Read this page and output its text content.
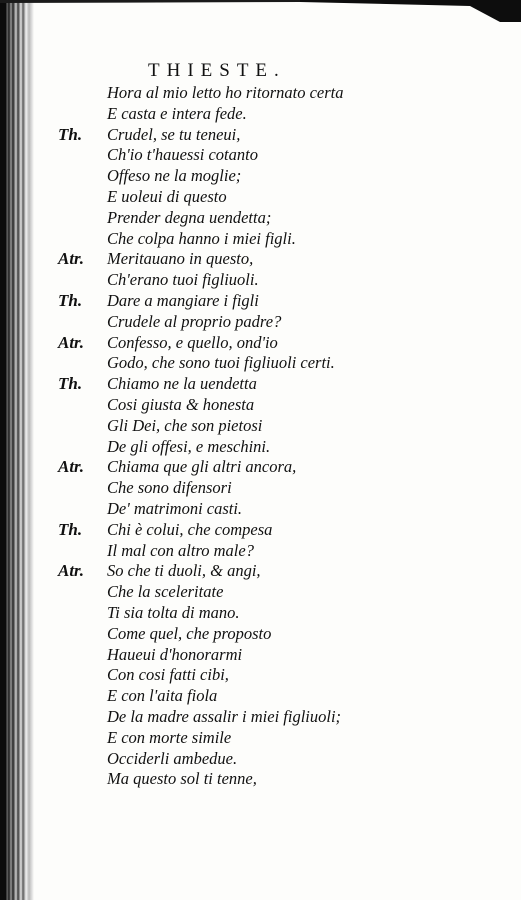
THIESTE.
Hora al mio letto ho ritornato certa
E casta e intera fede.
Th.	Crudel, se tu teneui,
Ch'io t'hauessi cotanto
Offeso ne la moglie;
E uoleui di questo
Prender degna uendetta;
Che colpa hanno i miei figli.
Atr.	Meritauano in questo,
Ch'erano tuoi figliuoli.
Th.	Dare a mangiare i figli
Crudele al proprio padre?
Atr.	Confesso, e quello, ond'io
Godo, che sono tuoi figliuoli certi.
Th.	Chiamo ne la uendetta
Cosi giusta & honesta
Gli Dei, che son pietosi
De gli offesi, e meschini.
Atr.	Chiama que gli altri ancora,
Che sono difensori
De' matrimoni casti.
Th.	Chi è colui, che compesa
Il mal con altro male?
Atr.	So che ti duoli, & angi,
Che la sceleritate
Ti sia tolta di mano.
Come quel, che proposto
Haueui d'honorarmi
Con cosi fatti cibi,
E con l'aita fiola
De la madre assalir i miei figliuoli;
E con morte simile
Occiderli ambedue.
Ma questo sol ti tenne,
